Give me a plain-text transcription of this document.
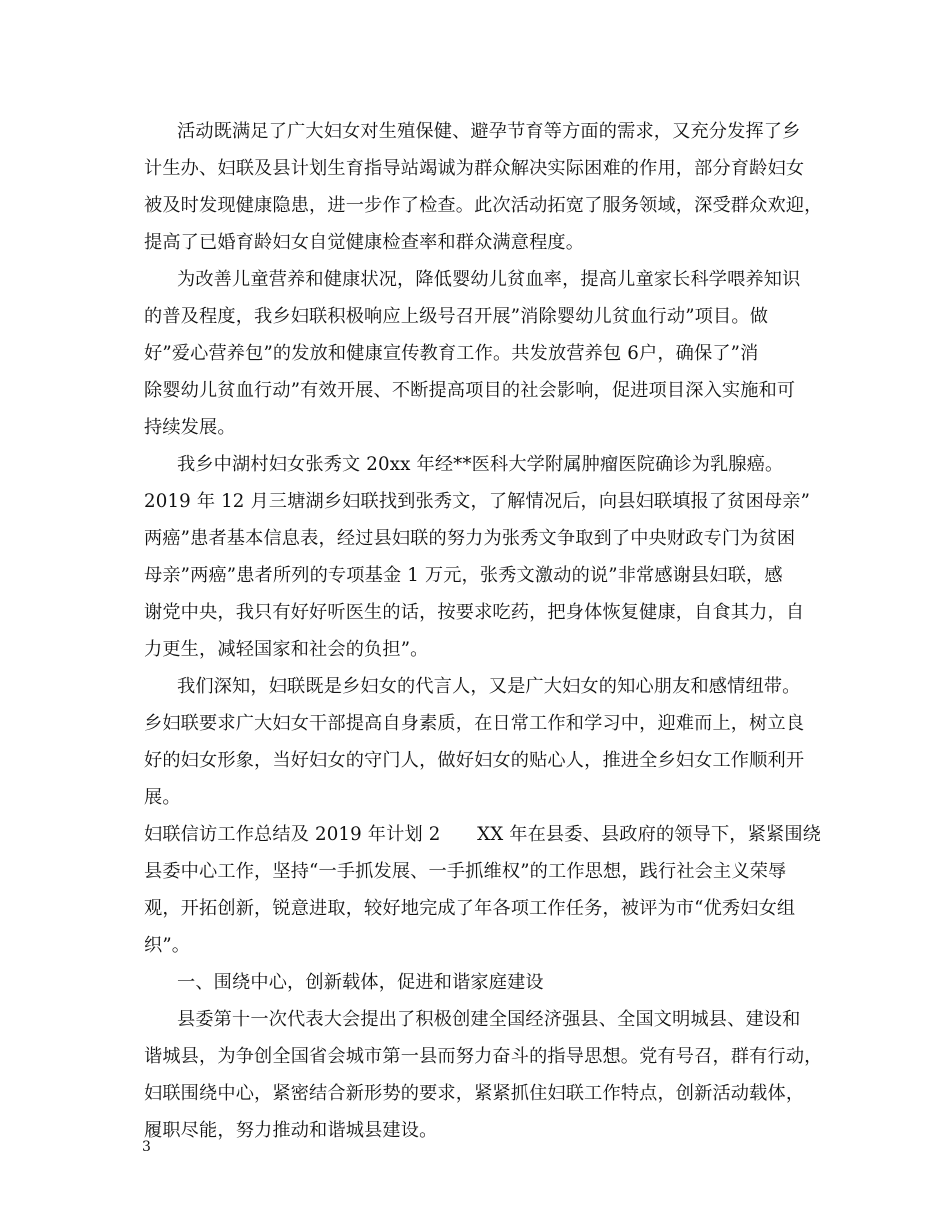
活动既满足了广大妇女对生殖保健、避孕节育等方面的需求，又充分发挥了乡
计生办、妇联及县计划生育指导站竭诚为群众解决实际困难的作用，部分育龄妇女
被及时发现健康隐患，进一步作了检查。此次活动拓宽了服务领域，深受群众欢迎，
提高了已婚育龄妇女自觉健康检查率和群众满意程度。
为改善儿童营养和健康状况，降低婴幼儿贫血率，提高儿童家长科学喂养知识
的普及程度，我乡妇联积极响应上级号召开展”消除婴幼儿贫血行动”项目。做
好”爱心营养包”的发放和健康宣传教育工作。共发放营养包 6户，确保了”消
除婴幼儿贫血行动”有效开展、不断提高项目的社会影响，促进项目深入实施和可
持续发展。
我乡中湖村妇女张秀文 20xx 年经**医科大学附属肿瘤医院确诊为乳腺癌。
2019 年 12 月三塘湖乡妇联找到张秀文，了解情况后，向县妇联填报了贫困母亲”
两癌”患者基本信息表，经过县妇联的努力为张秀文争取到了中央财政专门为贫困
母亲”两癌”患者所列的专项基金 1 万元，张秀文激动的说”非常感谢县妇联，感
谢党中央，我只有好好听医生的话，按要求吃药，把身体恢复健康，自食其力，自
力更生，减轻国家和社会的负担”。
我们深知，妇联既是乡妇女的代言人，又是广大妇女的知心朋友和感情纽带。
乡妇联要求广大妇女干部提高自身素质，在日常工作和学习中，迎难而上，树立良
好的妇女形象，当好妇女的守门人，做好妇女的贴心人，推进全乡妇女工作顺利开
展。
妇联信访工作总结及 2019 年计划 2　　XX 年在县委、县政府的领导下，紧紧围绕
县委中心工作，坚持“一手抓发展、一手抓维权”的工作思想，践行社会主义荣辱
观，开拓创新，锐意进取，较好地完成了年各项工作任务，被评为市“优秀妇女组
织”。
一、围绕中心，创新载体，促进和谐家庭建设
县委第十一次代表大会提出了积极创建全国经济强县、全国文明城县、建设和
谐城县，为争创全国省会城市第一县而努力奋斗的指导思想。党有号召，群有行动，
妇联围绕中心，紧密结合新形势的要求，紧紧抓住妇联工作特点，创新活动载体，
履职尽能，努力推动和谐城县建设。
3
